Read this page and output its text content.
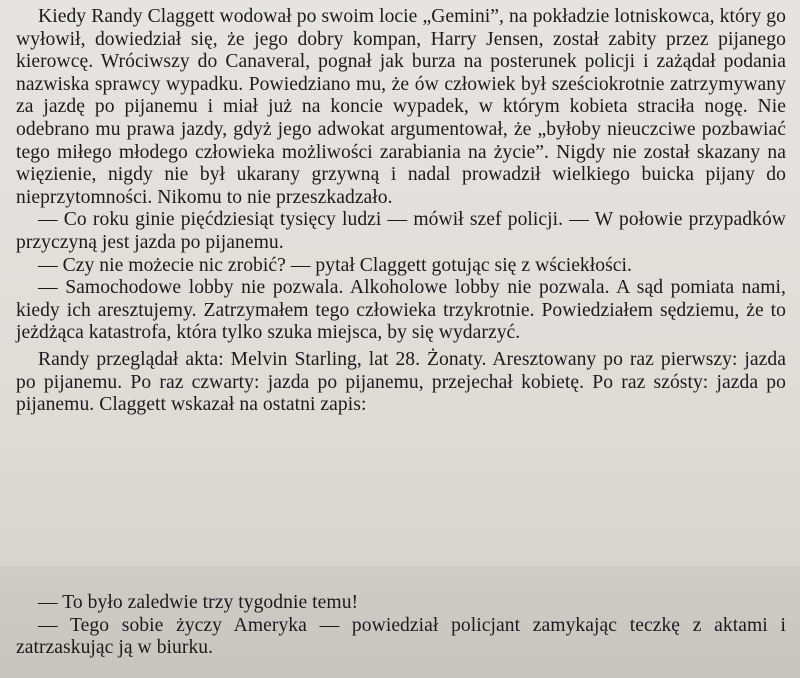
Kiedy Randy Claggett wodował po swoim locie „Gemini”, na pokładzie lotniskowca, który go wyłowił, dowiedział się, że jego dobry kompan, Harry Jensen, został zabity przez pijanego kierowcę. Wróciwszy do Canaveral, pognał jak burza na posterunek policji i zażądał podania nazwiska sprawcy wypadku. Powiedziano mu, że ów człowiek był sześciokrotnie zatrzymywany za jazdę po pijanemu i miał już na koncie wypadek, w którym kobieta straciła nogę. Nie odebrano mu prawa jazdy, gdyż jego adwokat argumentował, że „byłoby nieuczciwe pozbawiać tego miłego młodego człowieka możliwości zarabiania na życie”. Nigdy nie został skazany na więzienie, nigdy nie był ukarany grzywną i nadal prowadził wielkiego buicka pijany do nieprzytomności. Nikomu to nie przeszkadzało.

— Co roku ginie pięćdziesiąt tysięcy ludzi — mówił szef policji. — W połowie przypadków przyczyną jest jazda po pijanemu.

— Czy nie możecie nic zrobić? — pytał Claggett gotując się z wściekłości.

— Samochodowe lobby nie pozwala. Alkoholowe lobby nie pozwala. A sąd pomiata nami, kiedy ich aresztujemy. Zatrzymałem tego człowieka trzykrotnie. Powiedziałem sędziemu, że to jeżdżąca katastrofa, która tylko szuka miejsca, by się wydarzyć.

Randy przeglądał akta: Melvin Starling, lat 28. Żonaty. Aresztowany po raz pierwszy: jazda po pijanemu. Po raz czwarty: jazda po pijanemu, przejechał kobietę. Po raz szósty: jazda po pijanemu. Claggett wskazał na ostatni zapis:

— To było zaledwie trzy tygodnie temu!

— Tego sobie życzy Ameryka — powiedział policjant zamykając teczkę z aktami i zatrzaskując ją w biurku.
